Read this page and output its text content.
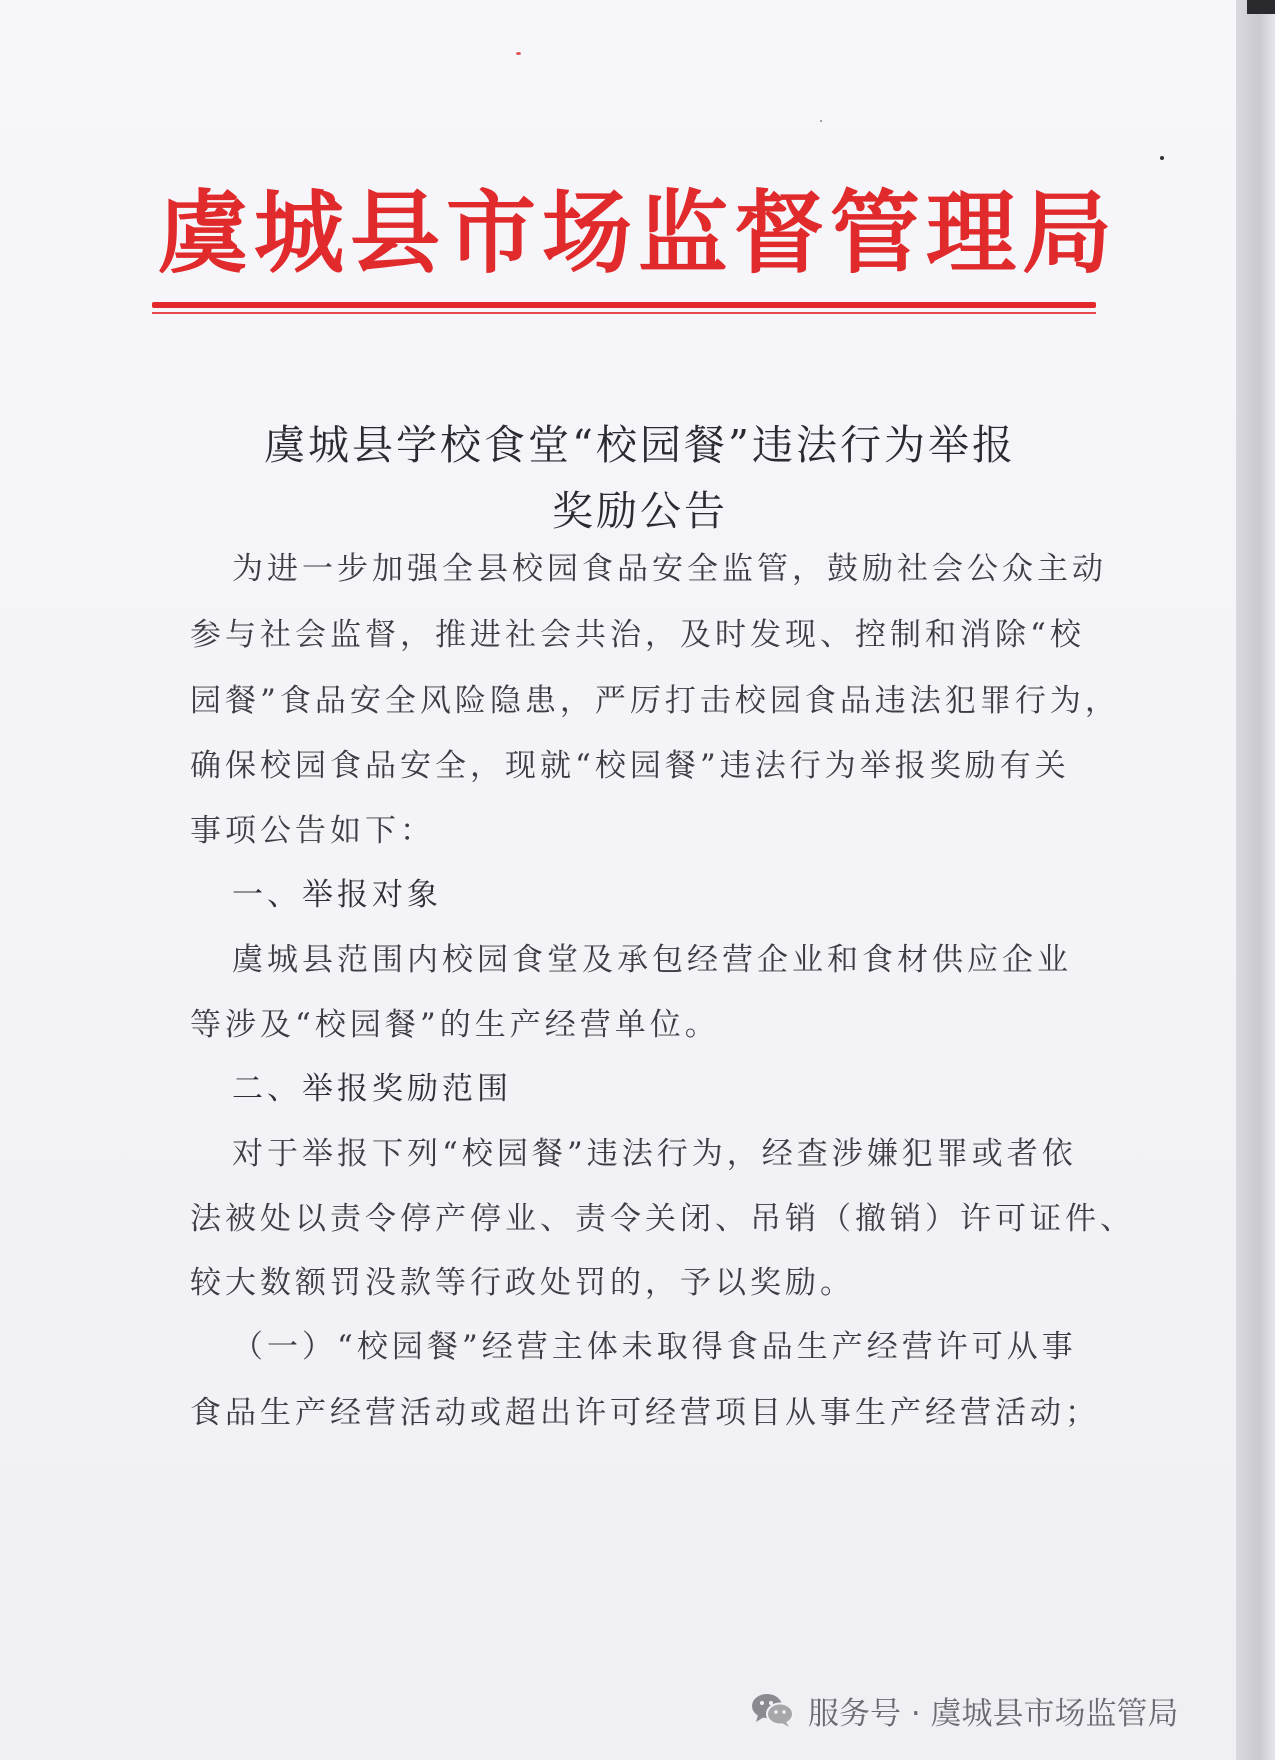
虞城县市场监督管理局
虞城县学校食堂“校园餐”违法行为举报
奖励公告
为进一步加强全县校园食品安全监管，鼓励社会公众主动
参与社会监督，推进社会共治，及时发现、控制和消除“校
园餐”食品安全风险隐患，严厉打击校园食品违法犯罪行为，
确保校园食品安全，现就“校园餐”违法行为举报奖励有关
事项公告如下：
一、举报对象
虞城县范围内校园食堂及承包经营企业和食材供应企业
等涉及“校园餐”的生产经营单位。
二、举报奖励范围
对于举报下列“校园餐”违法行为，经查涉嫌犯罪或者依
法被处以责令停产停业、责令关闭、吊销（撤销）许可证件、
较大数额罚没款等行政处罚的，予以奖励。
（一）“校园餐”经营主体未取得食品生产经营许可从事
食品生产经营活动或超出许可经营项目从事生产经营活动；
服务号 · 虞城县市场监管局
